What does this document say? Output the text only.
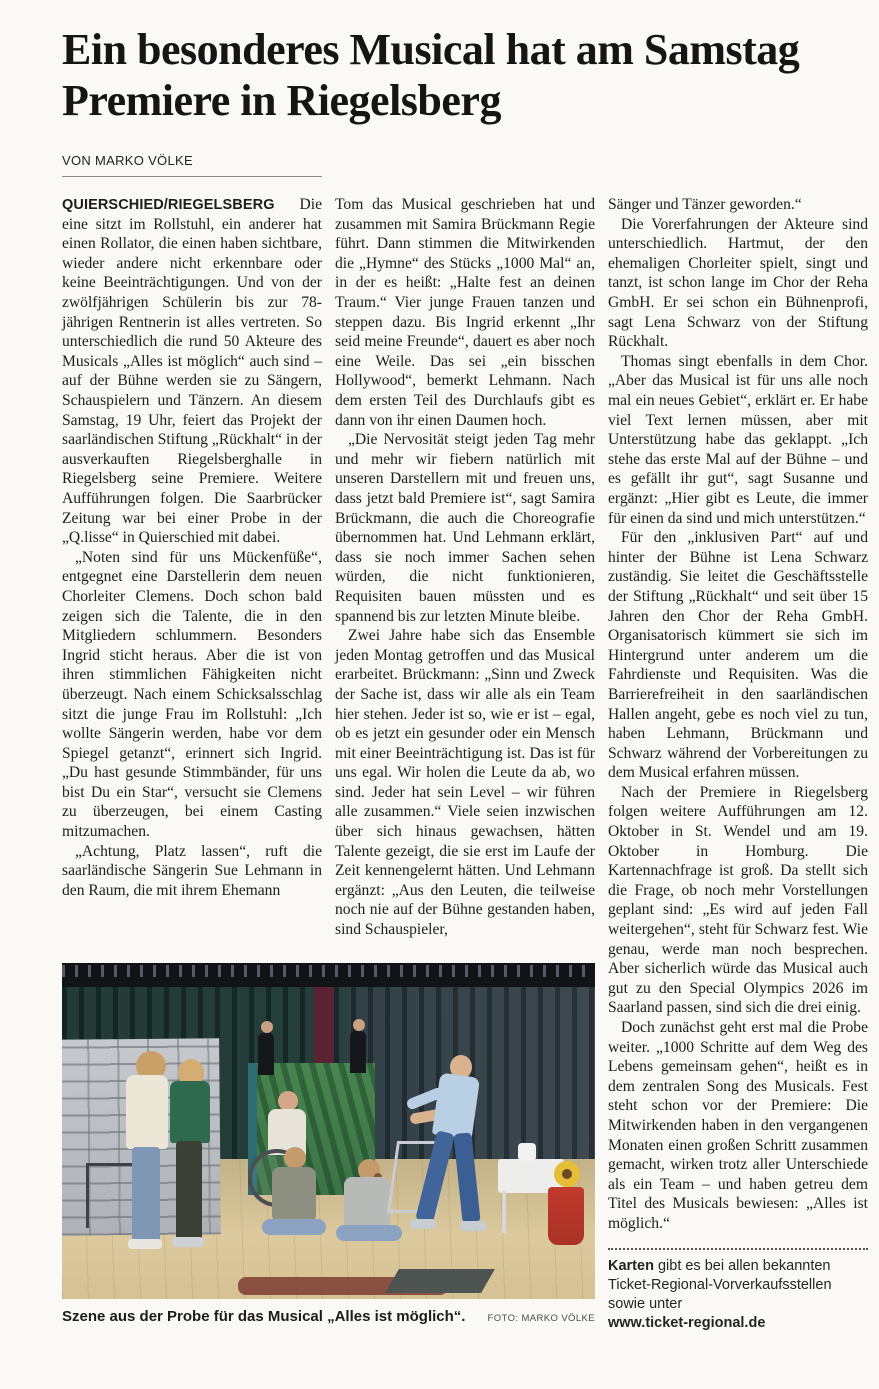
Ein besonderes Musical hat am Samstag Premiere in Riegelsberg
VON MARKO VÖLKE

QUIERSCHIED/RIEGELSBERG Die eine sitzt im Rollstuhl, ein anderer hat einen Rollator, die einen haben sichtbare, wieder andere nicht erkennbare oder keine Beeinträchtigungen. Und von der zwölfjährigen Schülerin bis zur 78-jährigen Rentnerin ist alles vertreten. So unterschiedlich die rund 50 Akteure des Musicals „Alles ist möglich“ auch sind – auf der Bühne werden sie zu Sängern, Schauspielern und Tänzern. An diesem Samstag, 19 Uhr, feiert das Projekt der saarländischen Stiftung „Rückhalt“ in der ausverkauften Riegelsberghalle in Riegelsberg seine Premiere. Weitere Aufführungen folgen. Die Saarbrücker Zeitung war bei einer Probe in der „Q.lisse“ in Quierschied mit dabei.

„Noten sind für uns Mückenfüße“, entgegnet eine Darstellerin dem neuen Chorleiter Clemens. Doch schon bald zeigen sich die Talente, die in den Mitgliedern schlummern. Besonders Ingrid sticht heraus. Aber die ist von ihren stimmlichen Fähigkeiten nicht überzeugt. Nach einem Schicksalsschlag sitzt die junge Frau im Rollstuhl: „Ich wollte Sängerin werden, habe vor dem Spiegel getanzt“, erinnert sich Ingrid. „Du hast gesunde Stimmbänder, für uns bist Du ein Star“, versucht sie Clemens zu überzeugen, bei einem Casting mitzumachen.

„Achtung, Platz lassen“, ruft die saarländische Sängerin Sue Lehmann in den Raum, die mit ihrem Ehemann

Tom das Musical geschrieben hat und zusammen mit Samira Brückmann Regie führt. Dann stimmen die Mitwirkenden die „Hymne“ des Stücks „1000 Mal“ an, in der es heißt: „Halte fest an deinen Traum.“ Vier junge Frauen tanzen und steppen dazu. Bis Ingrid erkennt „Ihr seid meine Freunde“, dauert es aber noch eine Weile. Das sei „ein bisschen Hollywood“, bemerkt Lehmann. Nach dem ersten Teil des Durchlaufs gibt es dann von ihr einen Daumen hoch.

„Die Nervosität steigt jeden Tag mehr und mehr wir fiebern natürlich mit unseren Darstellern mit und freuen uns, dass jetzt bald Premiere ist“, sagt Samira Brückmann, die auch die Choreografie übernommen hat. Und Lehmann erklärt, dass sie noch immer Sachen sehen würden, die nicht funktionieren, Requisiten bauen müssten und es spannend bis zur letzten Minute bleibe.

Zwei Jahre habe sich das Ensemble jeden Montag getroffen und das Musical erarbeitet. Brückmann: „Sinn und Zweck der Sache ist, dass wir alle als ein Team hier stehen. Jeder ist so, wie er ist – egal, ob es jetzt ein gesunder oder ein Mensch mit einer Beeinträchtigung ist. Das ist für uns egal. Wir holen die Leute da ab, wo sind. Jeder hat sein Level – wir führen alle zusammen.“ Viele seien inzwischen über sich hinaus gewachsen, hätten Talente gezeigt, die sie erst im Laufe der Zeit kennengelernt hätten. Und Lehmann ergänzt: „Aus den Leuten, die teilweise noch nie auf der Bühne gestanden haben, sind Schauspieler,

Sänger und Tänzer geworden.“

Die Vorerfahrungen der Akteure sind unterschiedlich. Hartmut, der den ehemaligen Chorleiter spielt, singt und tanzt, ist schon lange im Chor der Reha GmbH. Er sei schon ein Bühnenprofi, sagt Lena Schwarz von der Stiftung Rückhalt.

Thomas singt ebenfalls in dem Chor. „Aber das Musical ist für uns alle noch mal ein neues Gebiet“, erklärt er. Er habe viel Text lernen müssen, aber mit Unterstützung habe das geklappt. „Ich stehe das erste Mal auf der Bühne – und es gefällt ihr gut“, sagt Susanne und ergänzt: „Hier gibt es Leute, die immer für einen da sind und mich unterstützen.“

Für den „inklusiven Part“ auf und hinter der Bühne ist Lena Schwarz zuständig. Sie leitet die Geschäftsstelle der Stiftung „Rückhalt“ und seit über 15 Jahren den Chor der Reha GmbH. Organisatorisch kümmert sie sich im Hintergrund unter anderem um die Fahrdienste und Requisiten. Was die Barrierefreiheit in den saarländischen Hallen angeht, gebe es noch viel zu tun, haben Lehmann, Brückmann und Schwarz während der Vorbereitungen zu dem Musical erfahren müssen.

Nach der Premiere in Riegelsberg folgen weitere Aufführungen am 12. Oktober in St. Wendel und am 19. Oktober in Homburg. Die Kartennachfrage ist groß. Da stellt sich die Frage, ob noch mehr Vorstellungen geplant sind: „Es wird auf jeden Fall weitergehen“, steht für Schwarz fest. Wie genau, werde man noch besprechen. Aber sicherlich würde das Musical auch gut zu den Special Olympics 2026 im Saarland passen, sind sich die drei einig.

Doch zunächst geht erst mal die Probe weiter. „1000 Schritte auf dem Weg des Lebens gemeinsam gehen“, heißt es in dem zentralen Song des Musicals. Fest steht schon vor der Premiere: Die Mitwirkenden haben in den vergangenen Monaten einen großen Schritt zusammen gemacht, wirken trotz aller Unterschiede als ein Team – und haben getreu dem Titel des Musicals bewiesen: „Alles ist möglich.“

Karten gibt es bei allen bekannten Ticket-Regional-Vorverkaufsstellen sowie unter
www.ticket-regional.de
Szene aus der Probe für das Musical „Alles ist möglich“. FOTO: MARKO VÖLKE
